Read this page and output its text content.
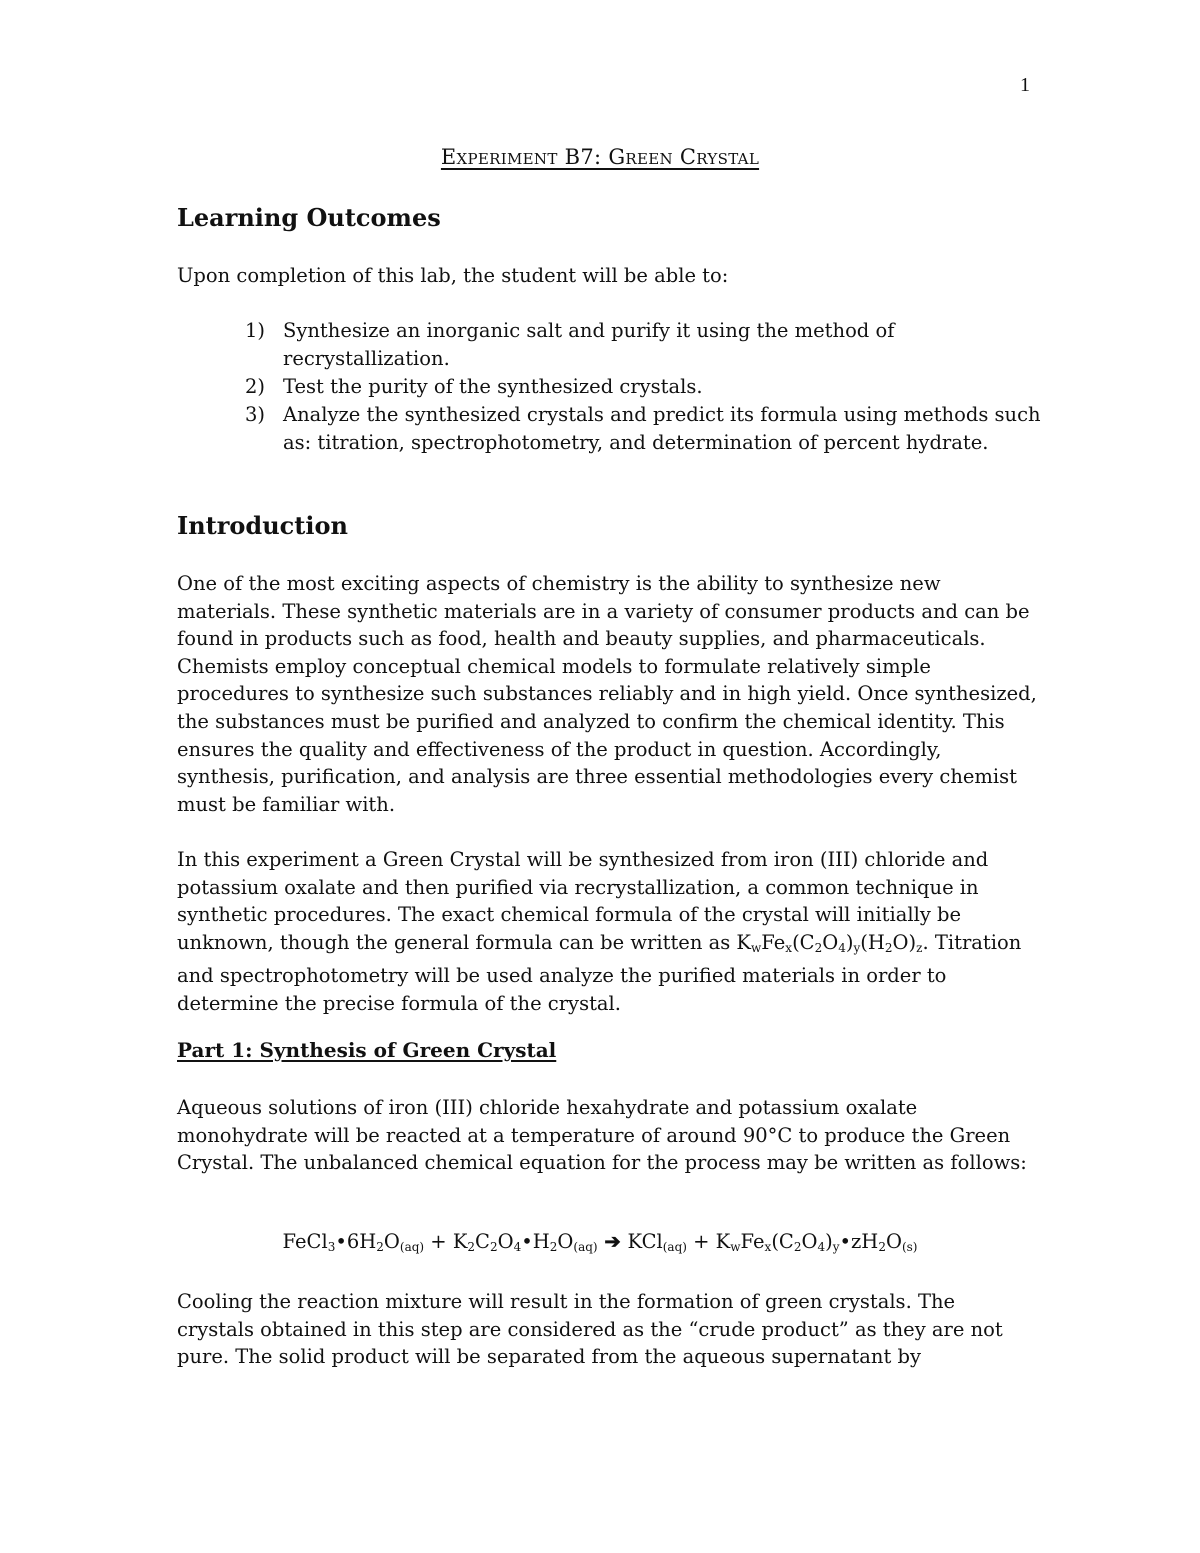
1
Experiment B7: Green Crystal
Learning Outcomes

Upon completion of this lab, the student will be able to:

1) Synthesize an inorganic salt and purify it using the method of recrystallization.
2) Test the purity of the synthesized crystals.
3) Analyze the synthesized crystals and predict its formula using methods such as: titration, spectrophotometry, and determination of percent hydrate.
Introduction

One of the most exciting aspects of chemistry is the ability to synthesize new materials. These synthetic materials are in a variety of consumer products and can be found in products such as food, health and beauty supplies, and pharmaceuticals. Chemists employ conceptual chemical models to formulate relatively simple procedures to synthesize such substances reliably and in high yield. Once synthesized, the substances must be purified and analyzed to confirm the chemical identity. This ensures the quality and effectiveness of the product in question. Accordingly, synthesis, purification, and analysis are three essential methodologies every chemist must be familiar with.

In this experiment a Green Crystal will be synthesized from iron (III) chloride and potassium oxalate and then purified via recrystallization, a common technique in synthetic procedures. The exact chemical formula of the crystal will initially be unknown, though the general formula can be written as $K_wFe_x(C_2O_4)_y(H_2O)_z$. Titration and spectrophotometry will be used analyze the purified materials in order to determine the precise formula of the crystal.

Part 1: Synthesis of Green Crystal

Aqueous solutions of iron (III) chloride hexahydrate and potassium oxalate monohydrate will be reacted at a temperature of around 90°C to produce the Green Crystal. The unbalanced chemical equation for the process may be written as follows:

$FeCl_3•6H_2O_{(aq)}$ + $K_2C_2O_4•H_2O_{(aq)}$ ➔ $KCl_{(aq)} + K_wFe_x(C_2O_4)_y•zH_2O_{(s)}$

Cooling the reaction mixture will result in the formation of green crystals. The crystals obtained in this step are considered as the “crude product” as they are not pure. The solid product will be separated from the aqueous supernatant by
